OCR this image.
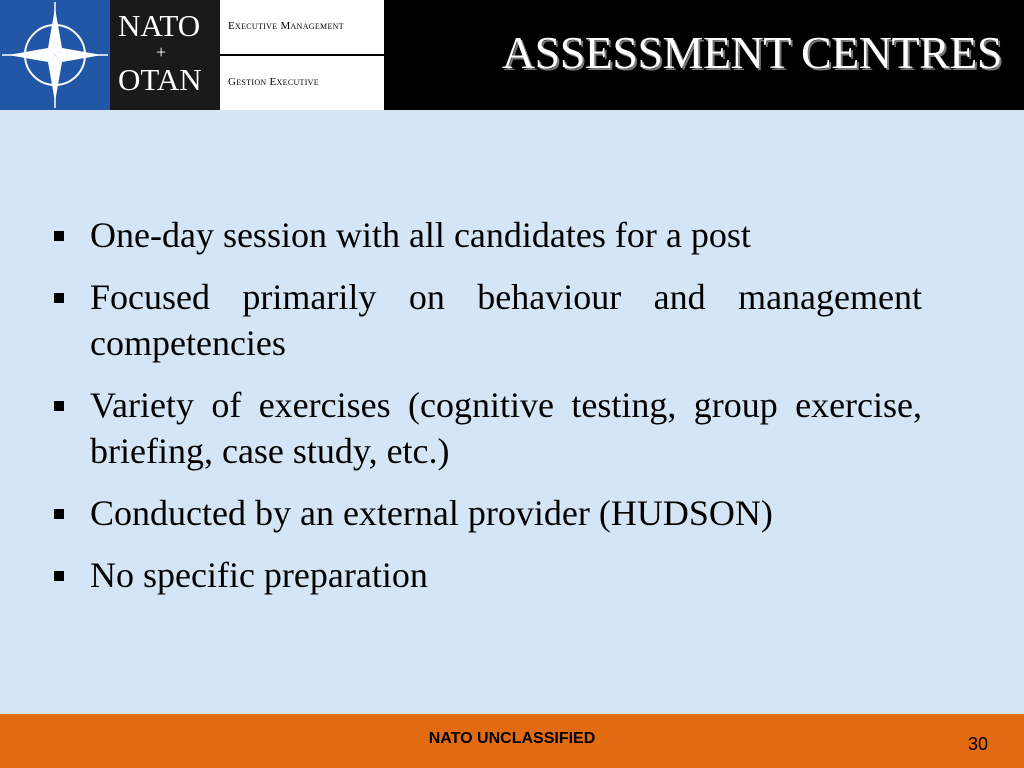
NATO
+
OTAN
Executive Management
Gestion Executive
ASSESSMENT CENTRES
One-day session with all candidates for a post
Focused primarily on behaviour and management competencies
Variety of exercises (cognitive testing, group exercise, briefing, case study, etc.)
Conducted by an external provider (HUDSON)
No specific preparation
NATO UNCLASSIFIED	30
